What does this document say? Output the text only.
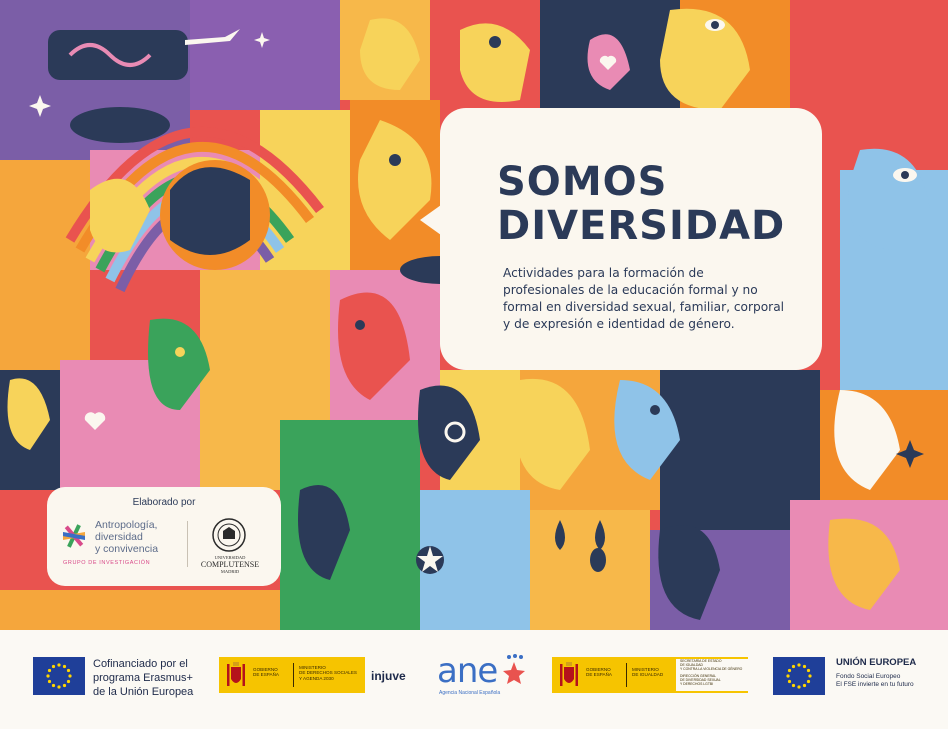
SOMOS
DIVERSIDAD
Actividades para la formación de
profesionales de la educación formal y no
formal en diversidad sexual, familiar, corporal
y de expresión e identidad de género.
Elaborado por
Antropología,
diversidad
y convivencia
GRUPO DE INVESTIGACIÓN
UNIVERSIDAD
COMPLUTENSE
MADRID
Cofinanciado por el
programa Erasmus+
de la Unión Europea
GOBIERNO
DE ESPAÑA
MINISTERIO
DE DERECHOS SOCIALES
Y AGENDA 2030	injuve ane
Agencia Nacional Española
GOBIERNO
DE ESPAÑA
MINISTERIO
DE IGUALDAD
SECRETARÍA DE ESTADO
DE IGUALDAD
Y CONTRA LA VIOLENCIA DE GÉNERO
DIRECCIÓN GENERAL
DE DIVERSIDAD SEXUAL
Y DERECHOS LGTBI
UNIÓN EUROPEA
Fondo Social Europeo
El FSE invierte en tu futuro
